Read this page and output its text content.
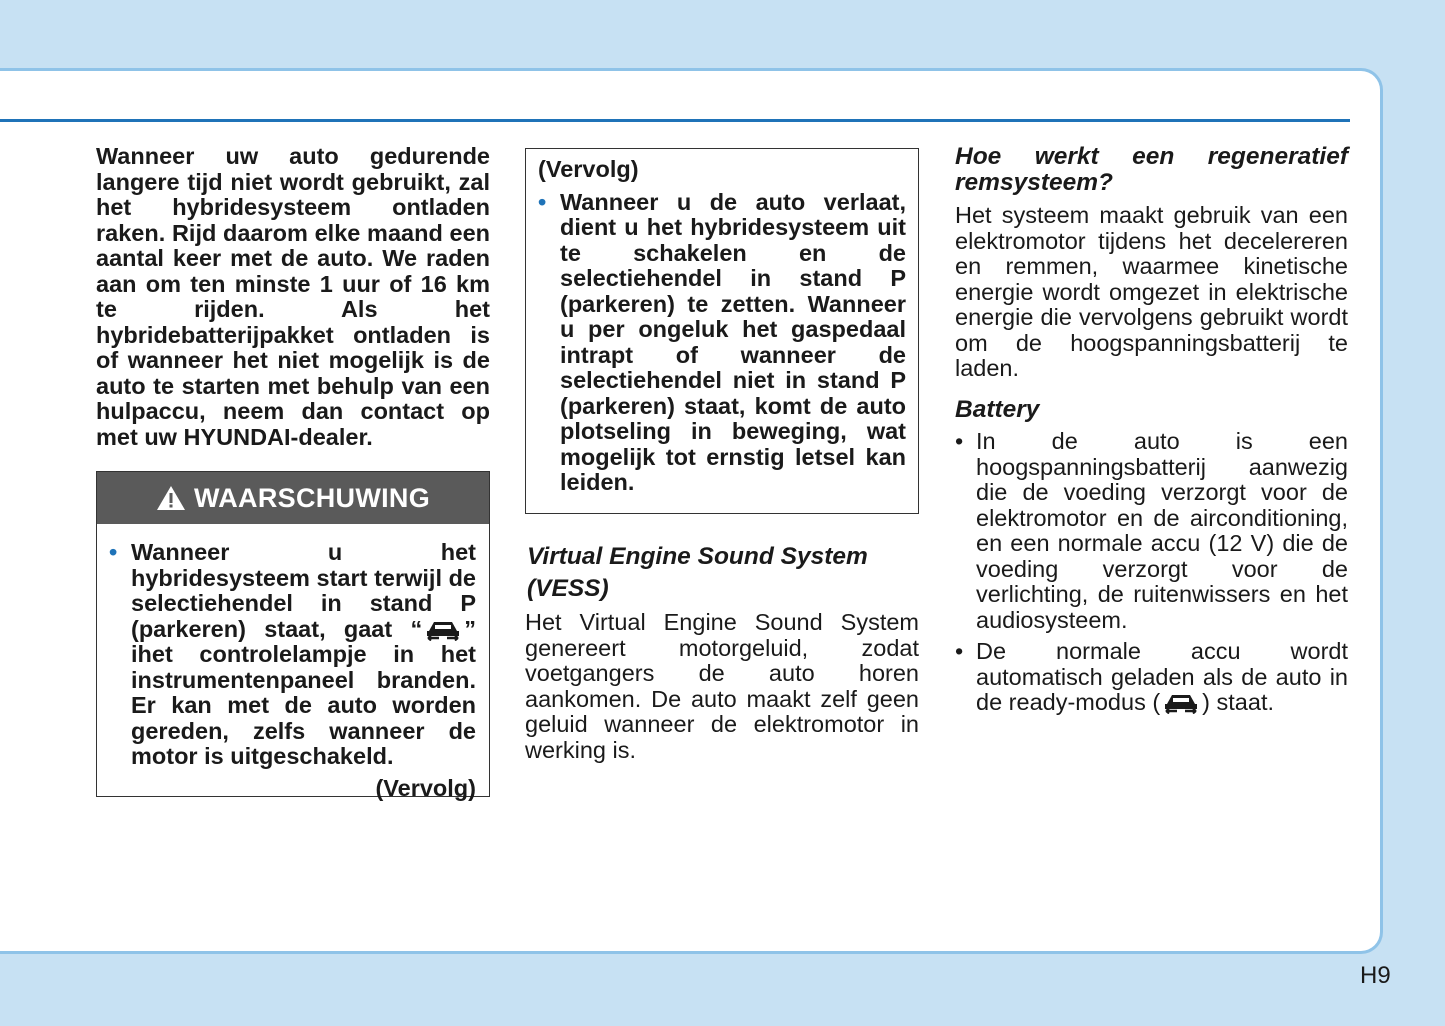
Wanneer uw auto gedurende langere tijd niet wordt gebruikt, zal het hybridesysteem ontladen raken. Rijd daarom elke maand een aantal keer met de auto. We raden aan om ten minste 1 uur of 16 km te rijden. Als het hybridebatterijpakket ontladen is of wanneer het niet mogelijk is de auto te starten met behulp van een hulpaccu, neem dan contact op met uw HYUNDAI-dealer.

WAARSCHUWING
• Wanneer u het hybridesysteem start terwijl de selectiehendel in stand P (parkeren) staat, gaat “ ” ihet controlelampje in het instrumentenpaneel branden. Er kan met de auto worden gereden, zelfs wanneer de motor is uitgeschakeld.
(Vervolg)
(Vervolg)
• Wanneer u de auto verlaat, dient u het hybridesysteem uit te schakelen en de selectiehendel in stand P (parkeren) te zetten. Wanneer u per ongeluk het gaspedaal intrapt of wanneer de selectiehendel niet in stand P (parkeren) staat, komt de auto plotseling in beweging, wat mogelijk tot ernstig letsel kan leiden.
Virtual Engine Sound System
(VESS)
Het Virtual Engine Sound System genereert motorgeluid, zodat voetgangers de auto horen aankomen. De auto maakt zelf geen geluid wanneer de elektromotor in werking is.
Hoe werkt een regeneratief remsysteem?
Het systeem maakt gebruik van een elektromotor tijdens het decelereren en remmen, waarmee kinetische energie wordt omgezet in elektrische energie die vervolgens gebruikt wordt om de hoogspanningsbatterij te laden.
Battery
• In de auto is een hoogspanningsbatterij aanwezig die de voeding verzorgt voor de elektromotor en de airconditioning, en een normale accu (12 V) die de voeding verzorgt voor de verlichting, de ruitenwissers en het audiosysteem.
• De normale accu wordt automatisch geladen als de auto in de ready-modus ( ) staat.
H9
